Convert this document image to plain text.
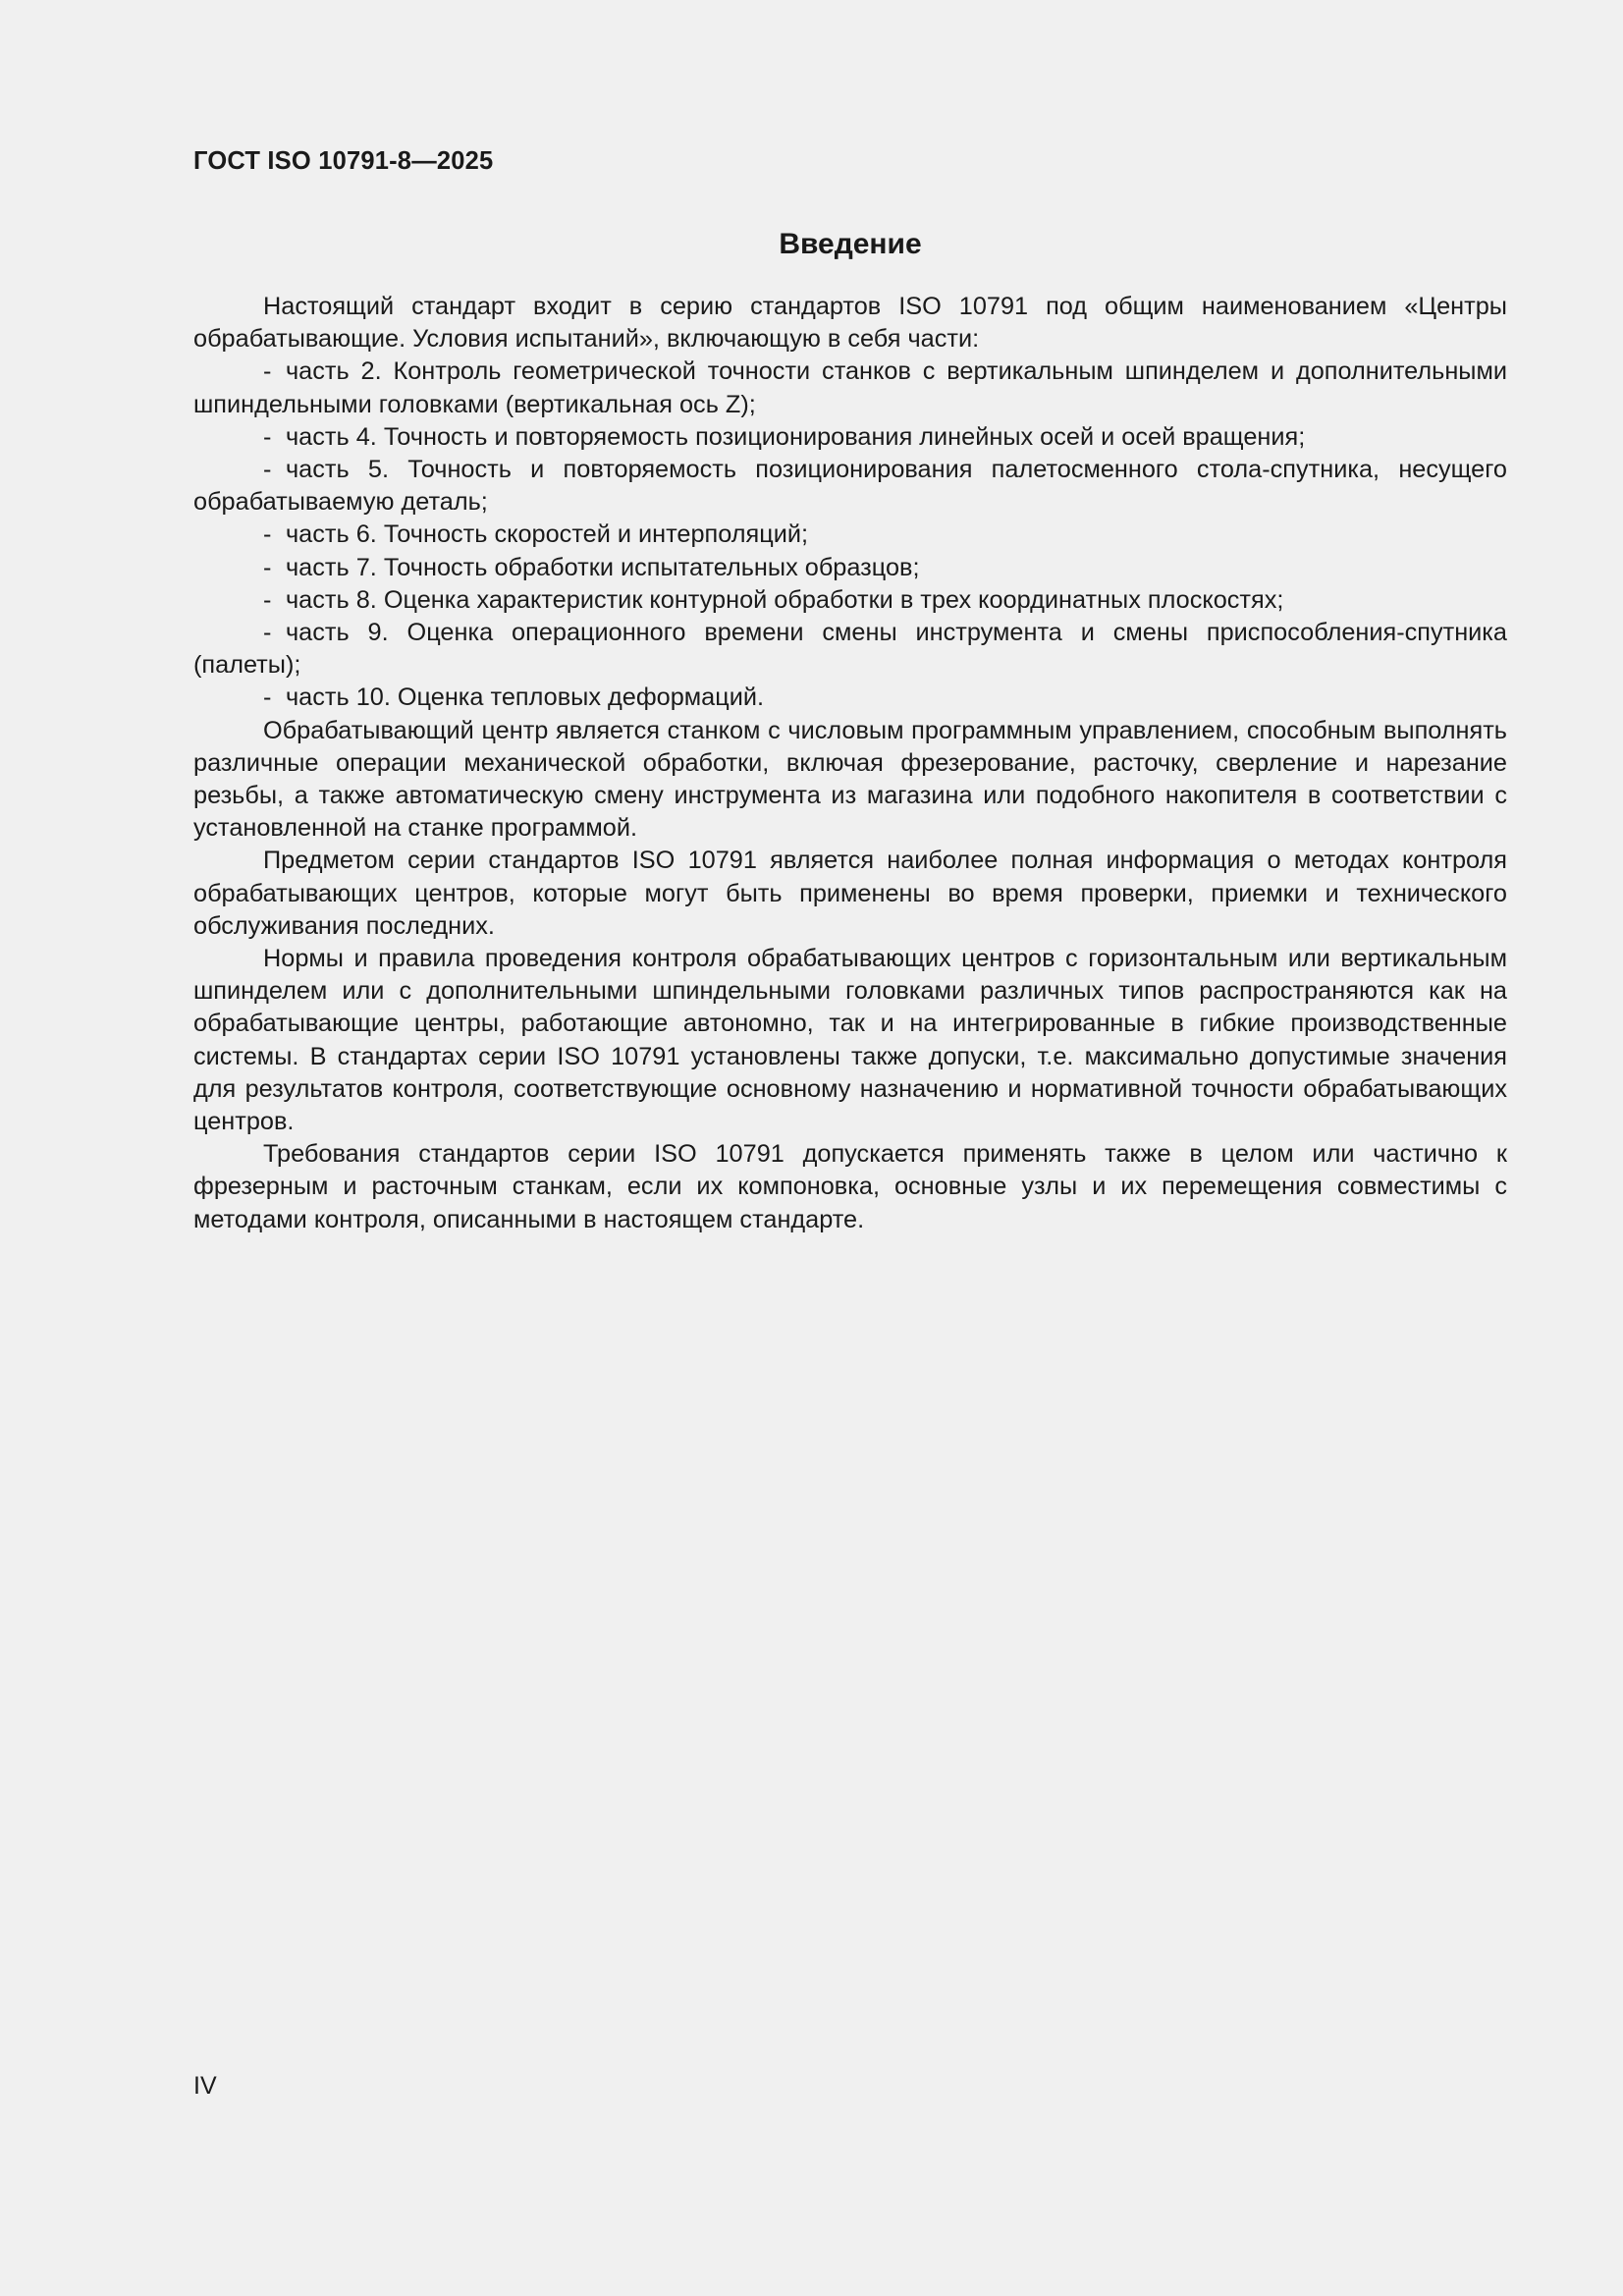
ГОСТ ISO 10791-8—2025
Введение

Настоящий стандарт входит в серию стандартов ISO 10791 под общим наименованием «Центры обрабатывающие. Условия испытаний», включающую в себя части:

- часть 2. Контроль геометрической точности станков с вертикальным шпинделем и дополнительными шпиндельными головками (вертикальная ось Z);

- часть 4. Точность и повторяемость позиционирования линейных осей и осей вращения;

- часть 5. Точность и повторяемость позиционирования палетосменного стола-спутника, несущего обрабатываемую деталь;

- часть 6. Точность скоростей и интерполяций;

- часть 7. Точность обработки испытательных образцов;

- часть 8. Оценка характеристик контурной обработки в трех координатных плоскостях;

- часть 9. Оценка операционного времени смены инструмента и смены приспособления-спутника (палеты);

- часть 10. Оценка тепловых деформаций.

Обрабатывающий центр является станком с числовым программным управлением, способным выполнять различные операции механической обработки, включая фрезерование, расточку, сверление и нарезание резьбы, а также автоматическую смену инструмента из магазина или подобного накопителя в соответствии с установленной на станке программой.

Предметом серии стандартов ISO 10791 является наиболее полная информация о методах контроля обрабатывающих центров, которые могут быть применены во время проверки, приемки и технического обслуживания последних.

Нормы и правила проведения контроля обрабатывающих центров с горизонтальным или вертикальным шпинделем или с дополнительными шпиндельными головками различных типов распространяются как на обрабатывающие центры, работающие автономно, так и на интегрированные в гибкие производственные системы. В стандартах серии ISO 10791 установлены также допуски, т.е. максимально допустимые значения для результатов контроля, соответствующие основному назначению и нормативной точности обрабатывающих центров.

Требования стандартов серии ISO 10791 допускается применять также в целом или частично к фрезерным и расточным станкам, если их компоновка, основные узлы и их перемещения совместимы с методами контроля, описанными в настоящем стандарте.

IV
